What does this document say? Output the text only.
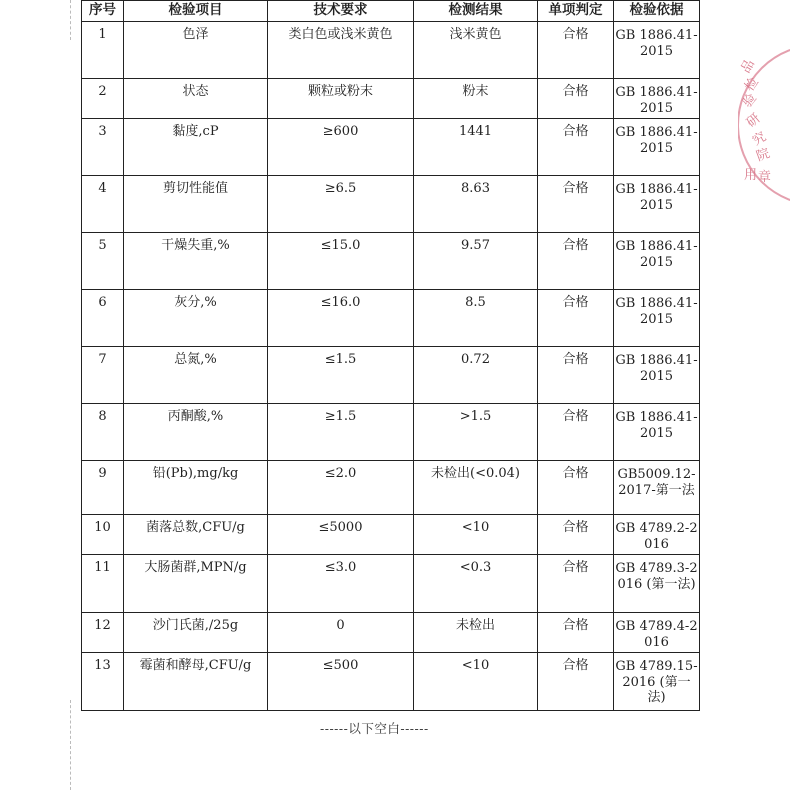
序号	检验项目	技术要求	检测结果	单项判定	检验依据
1	色泽	类白色或浅米黄色	浅米黄色	合格	GB 1886.41-2015
2	状态	颗粒或粉末	粉末	合格	GB 1886.41-2015
3	黏度,cP	≥600	1441	合格	GB 1886.41-2015
4	剪切性能值	≥6.5	8.63	合格	GB 1886.41-2015
5	干燥失重,%	≤15.0	9.57	合格	GB 1886.41-2015
6	灰分,%	≤16.0	8.5	合格	GB 1886.41-2015
7	总氮,%	≤1.5	0.72	合格	GB 1886.41-2015
8	丙酮酸,%	≥1.5	>1.5	合格	GB 1886.41-2015
9	铅(Pb),mg/kg	≤2.0	未检出(<0.04)	合格	GB5009.12-2017-第一法
10	菌落总数,CFU/g	≤5000	<10	合格	GB 4789.2-2016
11	大肠菌群,MPN/g	≤3.0	<0.3	合格	GB 4789.3-2016 (第一法)
12	沙门氏菌,/25g	0	未检出	合格	GB 4789.4-2016
13	霉菌和酵母,CFU/g	≤500	<10	合格	GB 4789.15-2016 (第一法)
------以下空白------
品
检
验
研
究
院
用 章
